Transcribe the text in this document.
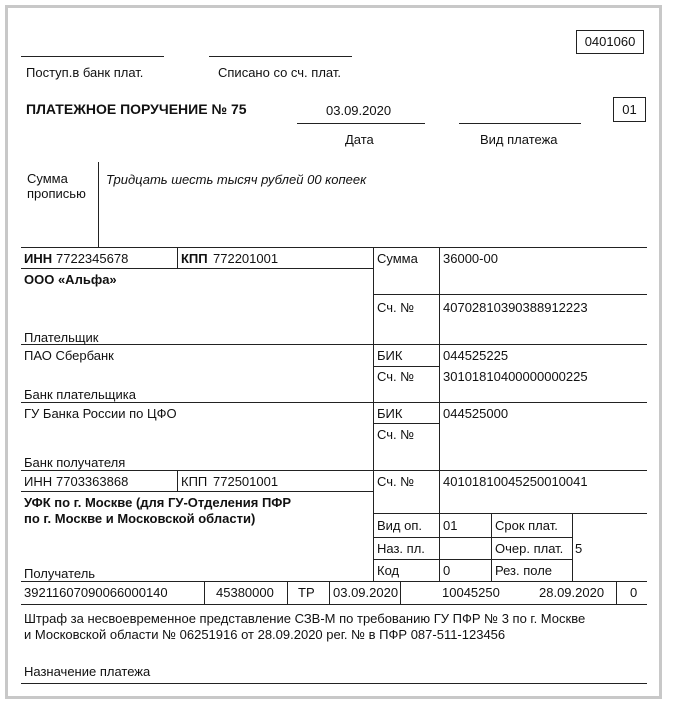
0401060
Поступ.в банк плат.	Списано со сч. плат.
ПЛАТЕЖНОЕ ПОРУЧЕНИЕ № 75	03.09.2020
Дата	Вид платежа
01
Сумма
прописью
Тридцать шесть тысяч рублей 00 копеек
ИНН 7722345678	КПП 772201001
ООО «Альфа»
Плательщик
Сумма 36000-00
Сч. № 40702810390388912223
ПАО Сбербанк
Банк плательщика
БИК	044525225
Сч. № 30101810400000000225
ГУ Банка России по ЦФО
Банк получателя
БИК	044525000
Сч. №
ИНН 7703363868	КПП 772501001
УФК по г. Москве (для ГУ-Отделения ПФР
по г. Москве и Московской области)
Получатель
Сч. № 40101810045250010041
Вид оп. 01	Срок плат.
Наз. пл.	Очер. плат. 5
Код	0	Рез. поле
39211607090066000140	45380000 ТР 03.09.2020	10045250	28.09.2020 0
Штраф за несвоевременное представление СЗВ-М по требованию ГУ ПФР № 3 по г. Москве
и Московской области № 06251916 от 28.09.2020 рег. № в ПФР 087-511-123456
Назначение платежа
